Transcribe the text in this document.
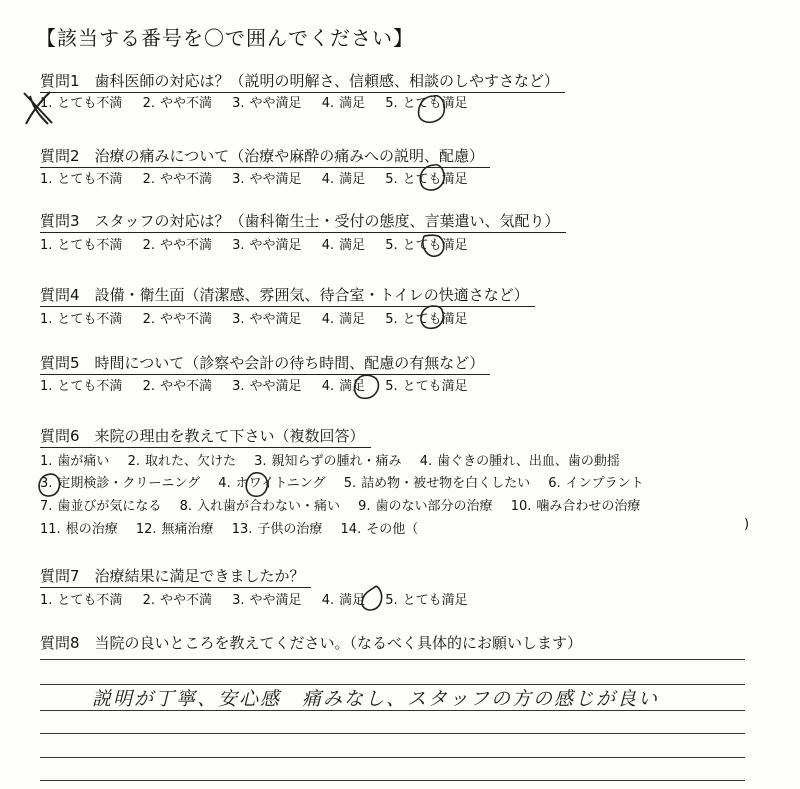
【該当する番号を〇で囲んでください】
質問1　歯科医師の対応は？（説明の明解さ、信頼感、相談のしやすさなど）
1. とても不満 2. やや不満 3. やや満足 4. 満足 5. とても満足
質問2　治療の痛みについて（治療や麻酔の痛みへの説明、配慮）
1. とても不満 2. やや不満 3. やや満足 4. 満足 5. とても満足
質問3　スタッフの対応は？（歯科衛生士・受付の態度、言葉遣い、気配り）
1. とても不満 2. やや不満 3. やや満足 4. 満足 5. とても満足
質問4　設備・衛生面（清潔感、雰囲気、待合室・トイレの快適さなど）
1. とても不満 2. やや不満 3. やや満足 4. 満足 5. とても満足
質問5　時間について（診察や会計の待ち時間、配慮の有無など）
1. とても不満 2. やや不満 3. やや満足 4. 満足 5. とても満足
質問6　来院の理由を教えて下さい（複数回答）
1. 歯が痛い 2. 取れた、欠けた 3. 親知らずの腫れ・痛み 4. 歯ぐきの腫れ、出血、歯の動揺
3. 定期検診・クリーニング 4. ホワイトニング 5. 詰め物・被せ物を白くしたい 6. インプラント
7. 歯並びが気になる 8. 入れ歯が合わない・痛い 9. 歯のない部分の治療 10. 噛み合わせの治療
11. 根の治療 12. 無痛治療 13. 子供の治療 14. その他（	)
質問7　治療結果に満足できましたか？
1. とても不満 2. やや不満 3. やや満足 4. 満足 5. とても満足
質問8　当院の良いところを教えてください。（なるべく具体的にお願いします）
説明が丁寧、安心感　痛みなし、スタッフの方の感じが良い
